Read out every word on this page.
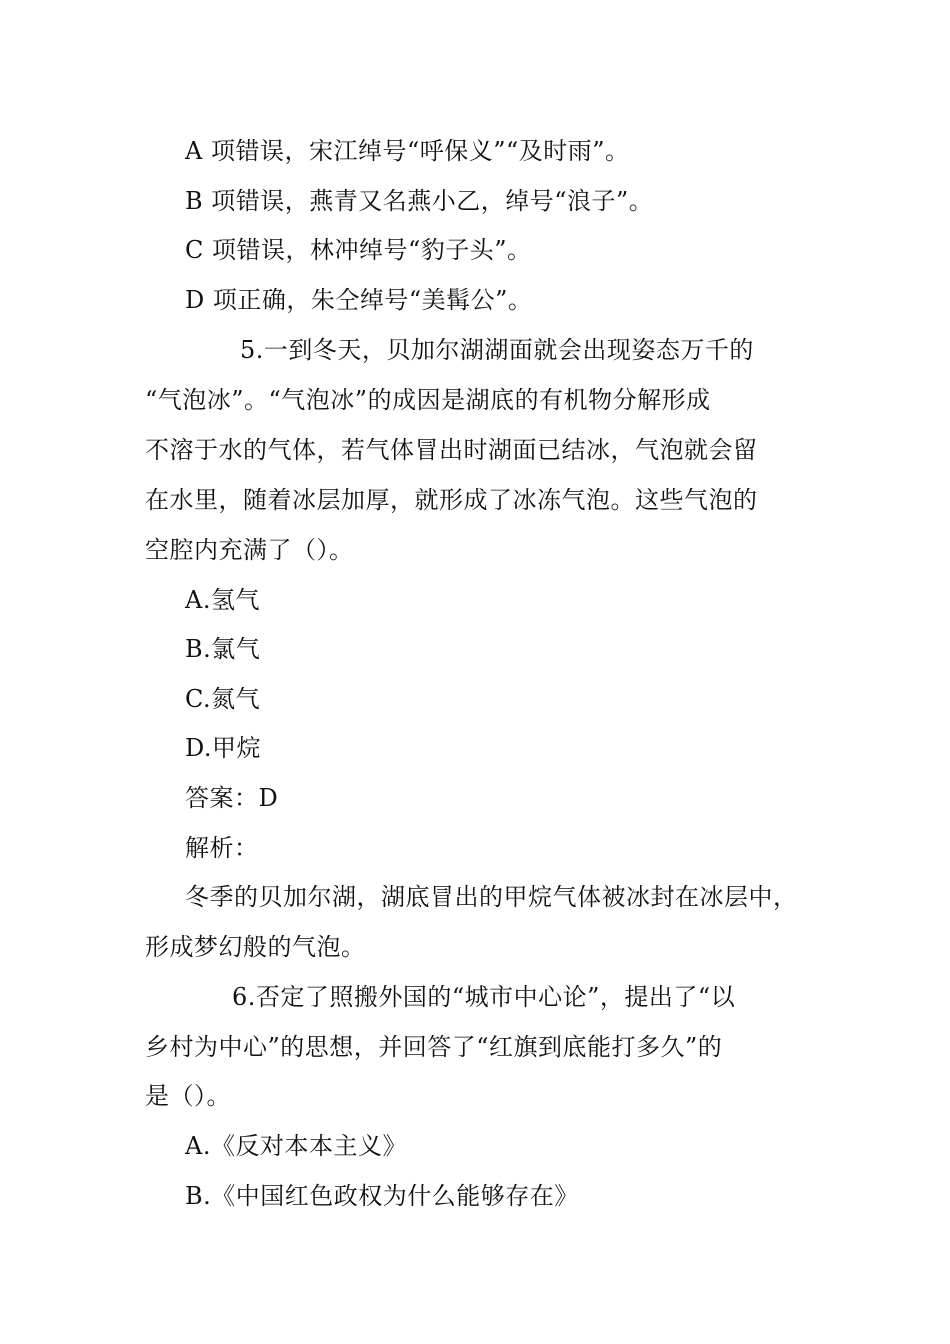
A 项错误，宋江绰号“呼保义”“及时雨”。
B 项错误，燕青又名燕小乙，绰号“浪子”。
C 项错误，林冲绰号“豹子头”。
D 项正确，朱仝绰号“美髯公”。
5.一到冬天，贝加尔湖湖面就会出现姿态万千的
“气泡冰”。“气泡冰”的成因是湖底的有机物分解形成
不溶于水的气体，若气体冒出时湖面已结冰，气泡就会留
在水里，随着冰层加厚，就形成了冰冻气泡。这些气泡的
空腔内充满了（）。
A.氢气
B.氯气
C.氮气
D.甲烷
答案：D
解析：
冬季的贝加尔湖，湖底冒出的甲烷气体被冰封在冰层中，
形成梦幻般的气泡。
6.否定了照搬外国的“城市中心论”，提出了“以
乡村为中心”的思想，并回答了“红旗到底能打多久”的
是（）。
A.《反对本本主义》
B.《中国红色政权为什么能够存在》
